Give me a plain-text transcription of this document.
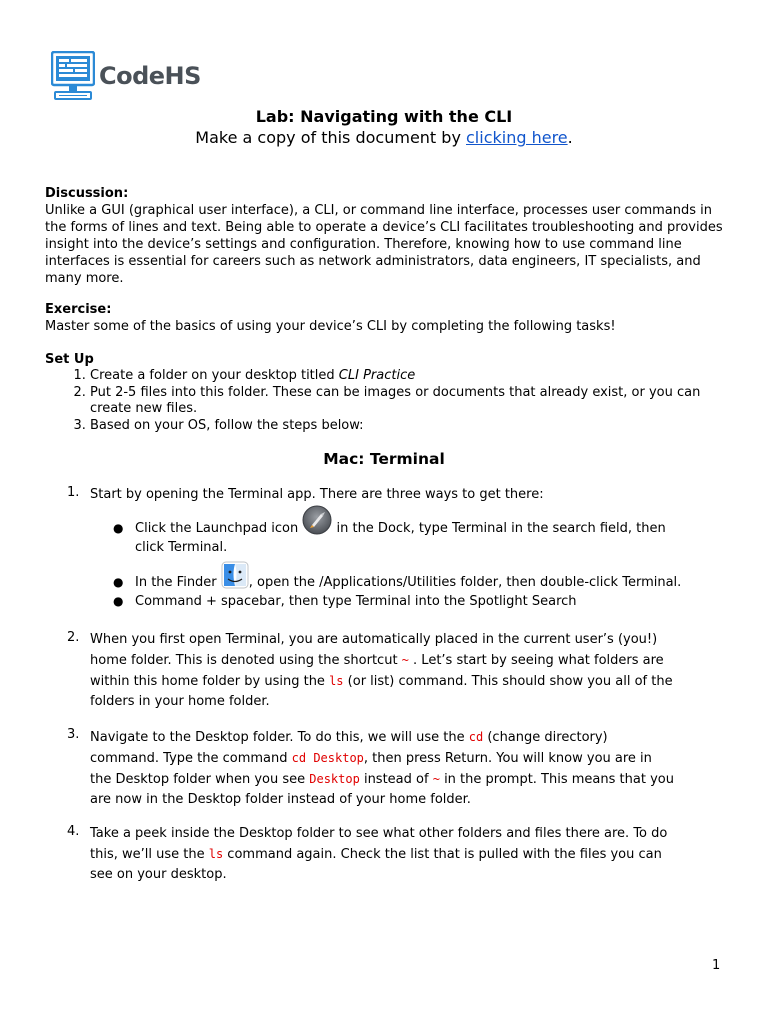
CodeHS
Lab: Navigating with the CLI
Make a copy of this document by clicking here.

Discussion:

Unlike a GUI (graphical user interface), a CLI, or command line interface, processes user commands in the forms of lines and text. Being able to operate a device’s CLI facilitates troubleshooting and provides insight into the device’s settings and configuration. Therefore, knowing how to use command line interfaces is essential for careers such as network administrators, data engineers, IT specialists, and many more.

Exercise:

Master some of the basics of using your device’s CLI by completing the following tasks!

Set Up

1. Create a folder on your desktop titled CLI Practice
2. Put 2-5 files into this folder. These can be images or documents that already exist, or you can create new files.
3. Based on your OS, follow the steps below:
Mac: Terminal
1. Start by opening the Terminal app. There are three ways to get there:
● Click the Launchpad icon	in the Dock, type Terminal in the search field, then
click Terminal.
● In the Finder , open the /Applications/Utilities folder, then double-click Terminal.
● Command + spacebar, then type Terminal into the Spotlight Search
2. When you first open Terminal, you are automatically placed in the current user’s (you!)
home folder. This is denoted using the shortcut ~ . Let’s start by seeing what folders are
within this home folder by using the ls (or list) command. This should show you all of the
folders in your home folder.
3. Navigate to the Desktop folder. To do this, we will use the cd (change directory)
command. Type the command cd Desktop, then press Return. You will know you are in
the Desktop folder when you see Desktop instead of ~ in the prompt. This means that you
are now in the Desktop folder instead of your home folder.
4. Take a peek inside the Desktop folder to see what other folders and files there are. To do
this, we’ll use the ls command again. Check the list that is pulled with the files you can
see on your desktop.
1
